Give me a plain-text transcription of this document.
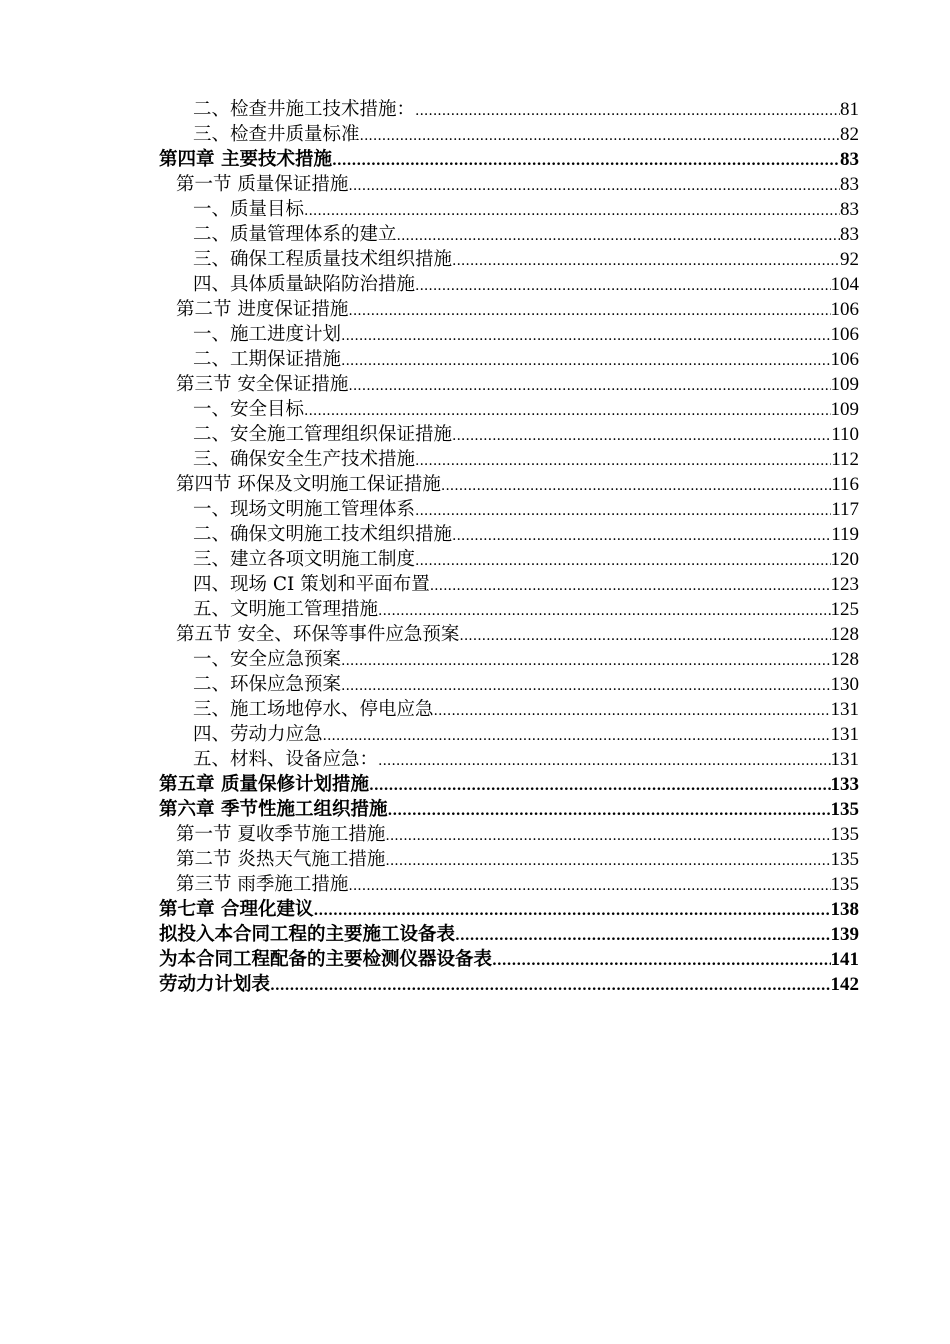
二、检查井施工技术措施： .....	81
三、检查井质量标准 .....	82
第四章 主要技术措施 .....	83
第一节 质量保证措施 .....	83
一、质量目标 .....	83
二、质量管理体系的建立 .....	83
三、确保工程质量技术组织措施 .....	92
四、具体质量缺陷防治措施 .....	104
第二节 进度保证措施 .....	106
一、施工进度计划 .....	106
二、工期保证措施 .....	106
第三节 安全保证措施 .....	109
一、安全目标 .....	109
二、安全施工管理组织保证措施 .....	110
三、确保安全生产技术措施 .....	112
第四节 环保及文明施工保证措施 .....	116
一、现场文明施工管理体系 .....	117
二、确保文明施工技术组织措施 .....	119
三、建立各项文明施工制度 .....	120
四、现场 CI 策划和平面布置 .....	123
五、文明施工管理措施 .....	125
第五节 安全、环保等事件应急预案 .....	128
一、安全应急预案 .....	128
二、环保应急预案 .....	130
三、施工场地停水、停电应急 .....	131
四、劳动力应急 .....	131
五、材料、设备应急： .....	131
第五章 质量保修计划措施 .....	133
第六章 季节性施工组织措施 .....	135
第一节 夏收季节施工措施 .....	135
第二节 炎热天气施工措施 .....	135
第三节 雨季施工措施 .....	135
第七章 合理化建议 .....	138
拟投入本合同工程的主要施工设备表 .....	139
为本合同工程配备的主要检测仪器设备表 .....	141
劳动力计划表 .....	142
